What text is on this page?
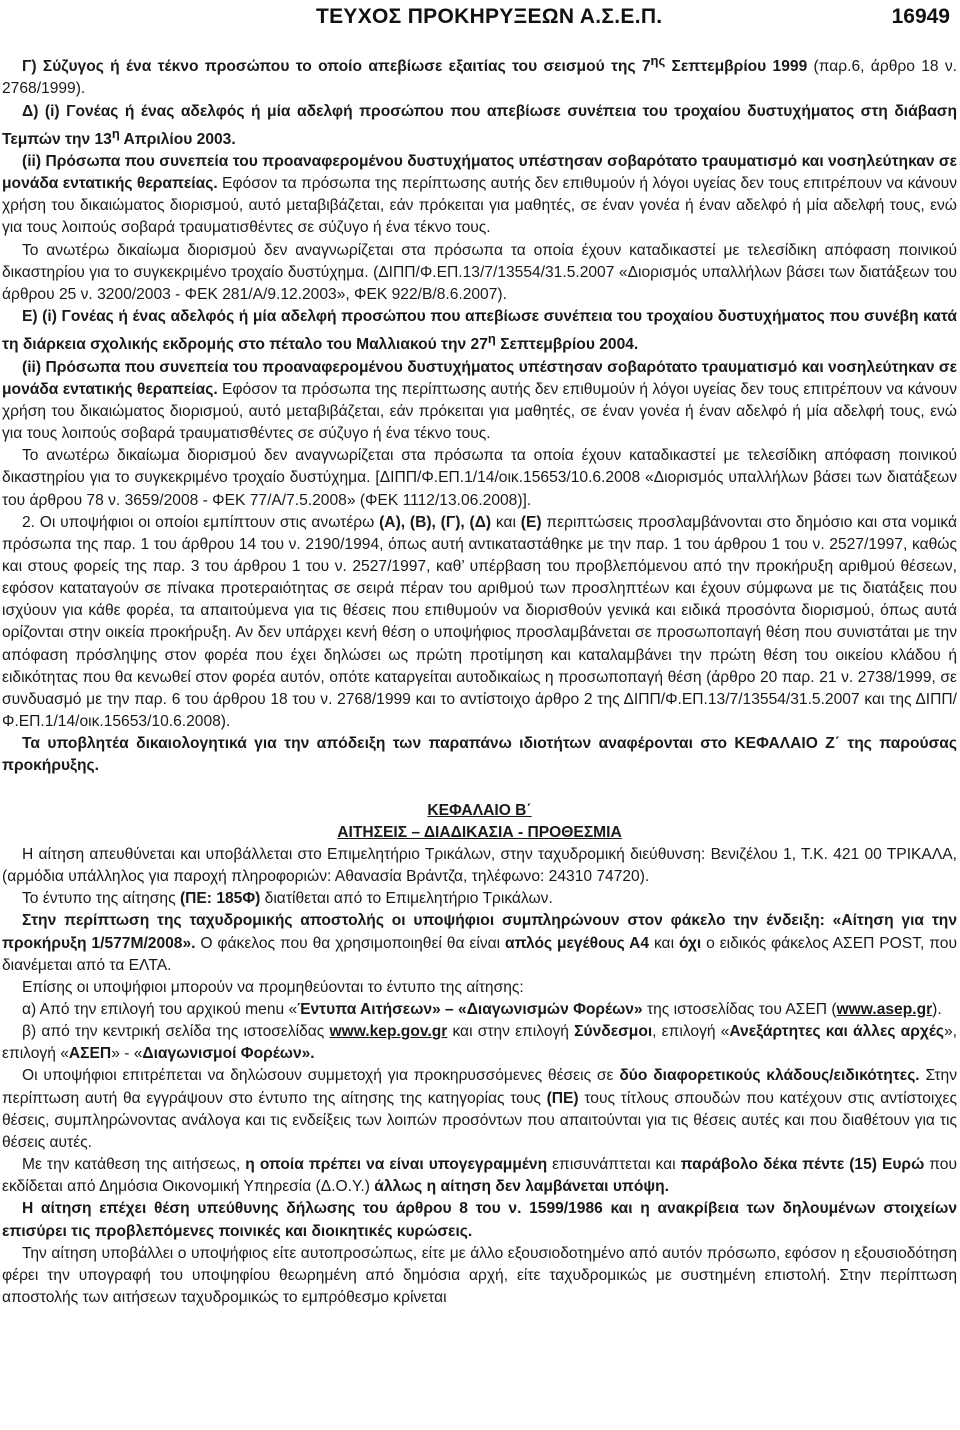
ΤΕΥΧΟΣ ΠΡΟΚΗΡΥΞΕΩΝ Α.Σ.Ε.Π.	16949

Γ) Σύζυγος ή ένα τέκνο προσώπου το οποίο απεβίωσε εξαιτίας του σεισμού της $7^{\eta\varsigma}$ Σεπτεμβρίου 1999 (παρ.6, άρθρο 18 ν. 2768/1999).

Δ) (i) Γονέας ή ένας αδελφός ή μία αδελφή προσώπου που απεβίωσε συνέπεια του τροχαίου δυστυχήματος στη διάβαση Τεμπών την $13^\eta$ Απριλίου 2003.

(ii) Πρόσωπα που συνεπεία του προαναφερομένου δυστυχήματος υπέστησαν σοβαρότατο τραυματισμό και νοσηλεύτηκαν σε μονάδα εντατικής θεραπείας. Εφόσον τα πρόσωπα της περίπτωσης αυτής δεν επιθυμούν ή λόγοι υγείας δεν τους επιτρέπουν να κάνουν χρήση του δικαιώματος διορισμού, αυτό μεταβιβάζεται, εάν πρόκειται για μαθητές, σε έναν γονέα ή έναν αδελφό ή μία αδελφή τους, ενώ για τους λοιπούς σοβαρά τραυματισθέντες σε σύζυγο ή ένα τέκνο τους.

Το ανωτέρω δικαίωμα διορισμού δεν αναγνωρίζεται στα πρόσωπα τα οποία έχουν καταδικαστεί με τελεσίδικη απόφαση ποινικού δικαστηρίου για το συγκεκριμένο τροχαίο δυστύχημα. (ΔΙΠΠ/Φ.ΕΠ.13/7/13554/31.5.2007 «Διορισμός υπαλλήλων βάσει των διατάξεων του άρθρου 25 ν. 3200/2003 - ΦΕΚ 281/Α/9.12.2003», ΦΕΚ 922/Β/8.6.2007).

Ε) (i) Γονέας ή ένας αδελφός ή μία αδελφή προσώπου που απεβίωσε συνέπεια του τροχαίου δυστυχήματος που συνέβη κατά τη διάρκεια σχολικής εκδρομής στο πέταλο του Μαλλιακού την $27^\eta$ Σεπτεμβρίου 2004.

(ii) Πρόσωπα που συνεπεία του προαναφερομένου δυστυχήματος υπέστησαν σοβαρότατο τραυματισμό και νοσηλεύτηκαν σε μονάδα εντατικής θεραπείας. Εφόσον τα πρόσωπα της περίπτωσης αυτής δεν επιθυμούν ή λόγοι υγείας δεν τους επιτρέπουν να κάνουν χρήση του δικαιώματος διορισμού, αυτό μεταβιβάζεται, εάν πρόκειται για μαθητές, σε έναν γονέα ή έναν αδελφό ή μία αδελφή τους, ενώ για τους λοιπούς σοβαρά τραυματισθέντες σε σύζυγο ή ένα τέκνο τους.

Το ανωτέρω δικαίωμα διορισμού δεν αναγνωρίζεται στα πρόσωπα τα οποία έχουν καταδικαστεί με τελεσίδικη απόφαση ποινικού δικαστηρίου για το συγκεκριμένο τροχαίο δυστύχημα. [ΔΙΠΠ/Φ.ΕΠ.1/14/οικ.15653/10.6.2008 «Διορισμός υπαλλήλων βάσει των διατάξεων του άρθρου 78 ν. 3659/2008 - ΦΕΚ 77/Α/7.5.2008» (ΦΕΚ 1112/13.06.2008)].

2. Οι υποψήφιοι οι οποίοι εμπίπτουν στις ανωτέρω (Α), (Β), (Γ), (Δ) και (Ε) περιπτώσεις προσλαμβάνονται στο δημόσιο και στα νομικά πρόσωπα της παρ. 1 του άρθρου 14 του ν. 2190/1994, όπως αυτή αντικαταστάθηκε με την παρ. 1 του άρθρου 1 του ν. 2527/1997, καθώς και στους φορείς της παρ. 3 του άρθρου 1 του ν. 2527/1997, καθ’ υπέρβαση του προβλεπόμενου από την προκήρυξη αριθμού θέσεων, εφόσον καταταγούν σε πίνακα προτεραιότητας σε σειρά πέραν του αριθμού των προσληπτέων και έχουν σύμφωνα με τις διατάξεις που ισχύουν για κάθε φορέα, τα απαιτούμενα για τις θέσεις που επιθυμούν να διορισθούν γενικά και ειδικά προσόντα διορισμού, όπως αυτά ορίζονται στην οικεία προκήρυξη. Αν δεν υπάρχει κενή θέση ο υποψήφιος προσλαμβάνεται σε προσωποπαγή θέση που συνιστάται με την απόφαση πρόσληψης στον φορέα που έχει δηλώσει ως πρώτη προτίμηση και καταλαμβάνει την πρώτη θέση του οικείου κλάδου ή ειδικότητας που θα κενωθεί στον φορέα αυτόν, οπότε καταργείται αυτοδικαίως η προσωποπαγή θέση (άρθρο 20 παρ. 21 ν. 2738/1999, σε συνδυασμό με την παρ. 6 του άρθρου 18 του ν. 2768/1999 και το αντίστοιχο άρθρο 2 της ΔΙΠΠ/Φ.ΕΠ.13/7/13554/31.5.2007 και της ΔΙΠΠ/Φ.ΕΠ.1/14/οικ.15653/10.6.2008).

Τα υποβλητέα δικαιολογητικά για την απόδειξη των παραπάνω ιδιοτήτων αναφέρονται στο ΚΕΦΑΛΑΙΟ Ζ΄ της παρούσας προκήρυξης.

ΚΕΦΑΛΑΙΟ Β΄

ΑΙΤΗΣΕΙΣ – ΔΙΑΔΙΚΑΣΙΑ - ΠΡΟΘΕΣΜΙΑ

Η αίτηση απευθύνεται και υποβάλλεται στο Επιμελητήριο Τρικάλων, στην ταχυδρομική διεύθυνση: Βενιζέλου 1, Τ.Κ. 421 00 ΤΡΙΚΑΛΑ, (αρμόδια υπάλληλος για παροχή πληροφοριών: Αθανασία Βράντζα, τηλέφωνο: 24310 74720).

Το έντυπο της αίτησης (ΠΕ: 185Φ) διατίθεται από το Επιμελητήριο Τρικάλων.

Στην περίπτωση της ταχυδρομικής αποστολής οι υποψήφιοι συμπληρώνουν στον φάκελο την ένδειξη: «Αίτηση για την προκήρυξη 1/577Μ/2008». Ο φάκελος που θα χρησιμοποιηθεί θα είναι απλός μεγέθους Α4 και όχι ο ειδικός φάκελος ΑΣΕΠ POST, που διανέμεται από τα ΕΛΤΑ.

Επίσης οι υποψήφιοι μπορούν να προμηθεύονται το έντυπο της αίτησης:

α) Από την επιλογή του αρχικού menu «Έντυπα Αιτήσεων» – «Διαγωνισμών Φορέων» της ιστοσελίδας του ΑΣΕΠ (www.asep.gr).

β) από την κεντρική σελίδα της ιστοσελίδας www.kep.gov.gr και στην επιλογή Σύνδεσμοι, επιλογή «Ανεξάρτητες και άλλες αρχές», επιλογή «ΑΣΕΠ» - «Διαγωνισμοί Φορέων».

Οι υποψήφιοι επιτρέπεται να δηλώσουν συμμετοχή για προκηρυσσόμενες θέσεις σε δύο διαφορετικούς κλάδους/ειδικότητες. Στην περίπτωση αυτή θα εγγράψουν στο έντυπο της αίτησης της κατηγορίας τους (ΠΕ) τους τίτλους σπουδών που κατέχουν στις αντίστοιχες θέσεις, συμπληρώνοντας ανάλογα και τις ενδείξεις των λοιπών προσόντων που απαιτούνται για τις θέσεις αυτές και που διαθέτουν για τις θέσεις αυτές.

Με την κατάθεση της αιτήσεως, η οποία πρέπει να είναι υπογεγραμμένη επισυνάπτεται και παράβολο δέκα πέντε (15) Ευρώ που εκδίδεται από Δημόσια Οικονομική Υπηρεσία (Δ.Ο.Υ.) άλλως η αίτηση δεν λαμβάνεται υπόψη.

Η αίτηση επέχει θέση υπεύθυνης δήλωσης του άρθρου 8 του ν. 1599/1986 και η ανακρίβεια των δηλουμένων στοιχείων επισύρει τις προβλεπόμενες ποινικές και διοικητικές κυρώσεις.

Την αίτηση υποβάλλει ο υποψήφιος είτε αυτοπροσώπως, είτε με άλλο εξουσιοδοτημένο από αυτόν πρόσωπο, εφόσον η εξουσιοδότηση φέρει την υπογραφή του υποψηφίου θεωρημένη από δημόσια αρχή, είτε ταχυδρομικώς με συστημένη επιστολή. Στην περίπτωση αποστολής των αιτήσεων ταχυδρομικώς το εμπρόθεσμο κρίνεται
